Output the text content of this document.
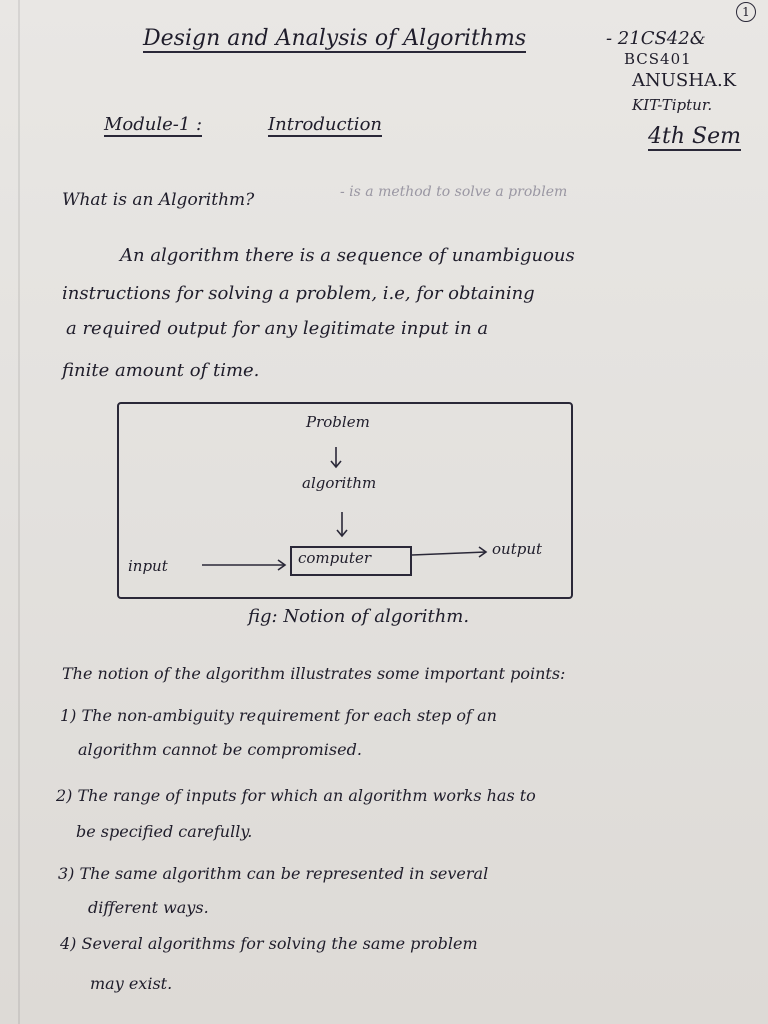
1
Design and Analysis of Algorithms	- 21CS42&
BCS401
ANUSHA.K
KIT-Tiptur.
4th Sem
Module-1 :	Introduction
What is an Algorithm?	- is a method to solve a problem
An algorithm there is a sequence of unambiguous
instructions for solving a problem, i.e, for obtaining
a required output for any legitimate input in a
finite amount of time.
Problem
algorithm
input	computer	output
fig: Notion of algorithm.
The notion of the algorithm illustrates some important points:
1) The non-ambiguity requirement for each step of an
algorithm cannot be compromised.
2) The range of inputs for which an algorithm works has to
be specified carefully.
3) The same algorithm can be represented in several
different ways.
4) Several algorithms for solving the same problem
may exist.
